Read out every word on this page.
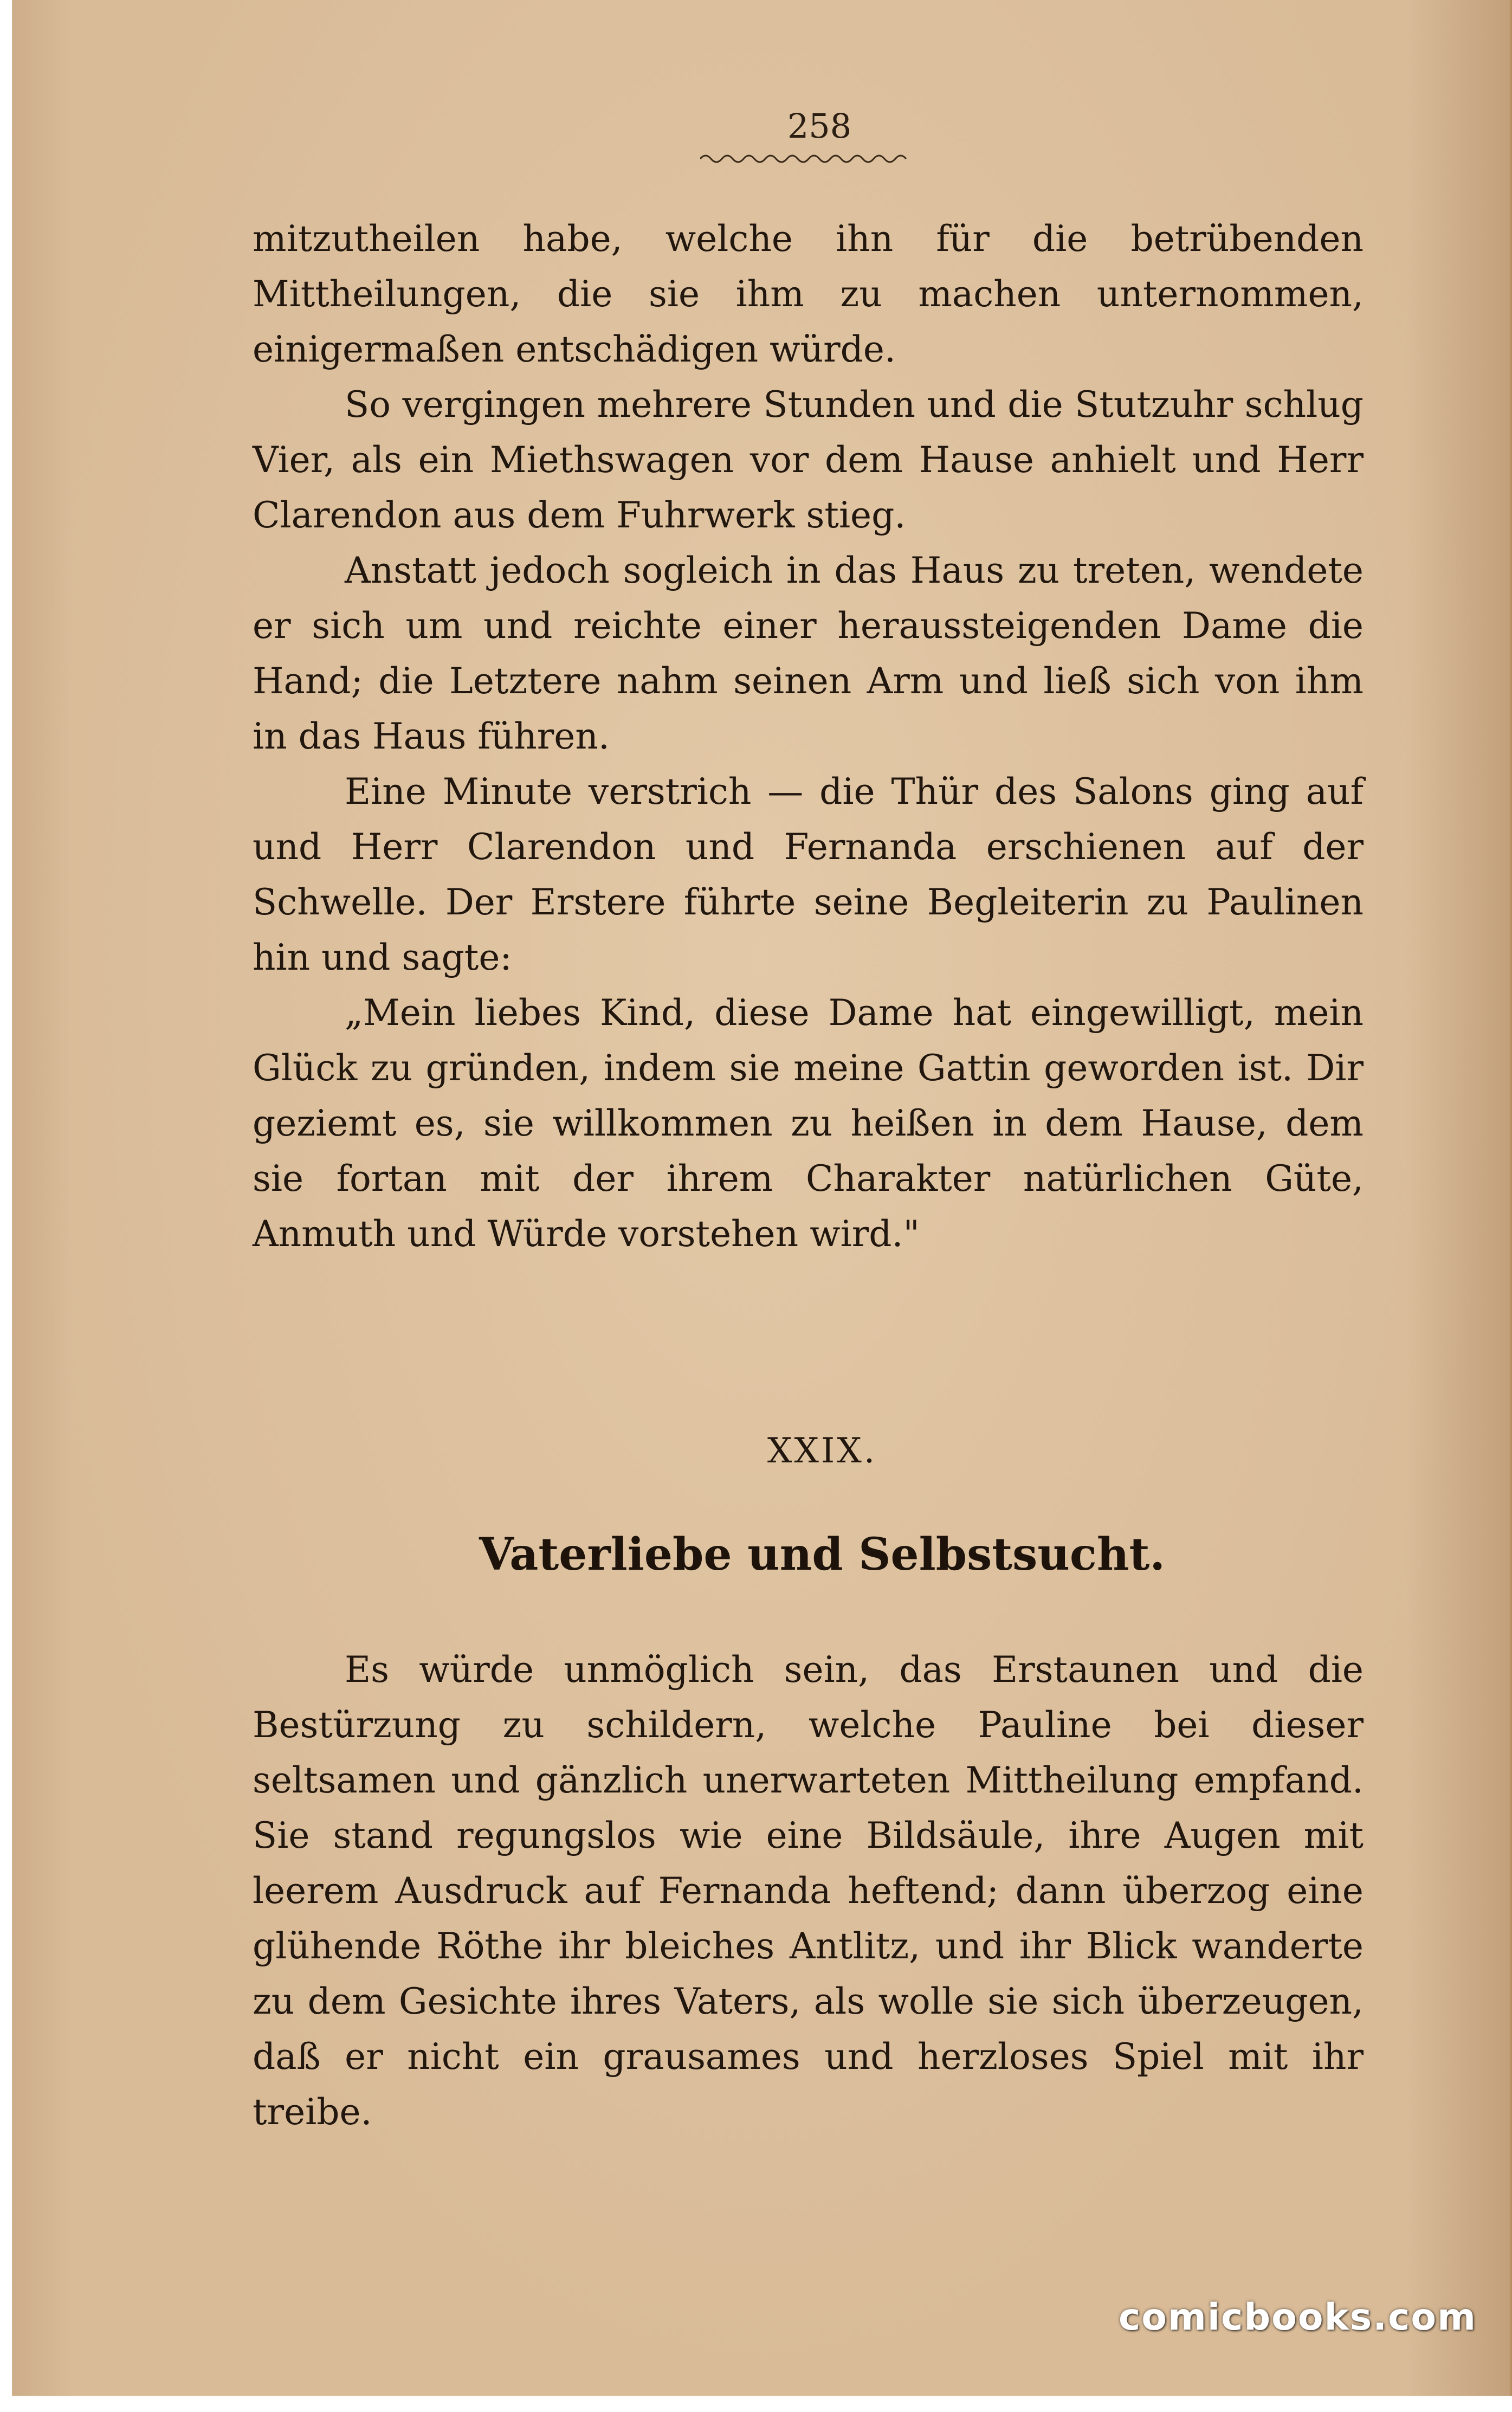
258

mitzutheilen habe, welche ihn für die betrübenden Mittheilungen, die sie ihm zu machen unternommen, einigermaßen entschädigen würde.

So vergingen mehrere Stunden und die Stutzuhr schlug Vier, als ein Miethswagen vor dem Hause anhielt und Herr Clarendon aus dem Fuhrwerk stieg.

Anstatt jedoch sogleich in das Haus zu treten, wendete er sich um und reichte einer heraussteigenden Dame die Hand; die Letztere nahm seinen Arm und ließ sich von ihm in das Haus führen.

Eine Minute verstrich — die Thür des Salons ging auf und Herr Clarendon und Fernanda erschienen auf der Schwelle. Der Erstere führte seine Begleiterin zu Paulinen hin und sagte:

„Mein liebes Kind, diese Dame hat eingewilligt, mein Glück zu gründen, indem sie meine Gattin geworden ist. Dir geziemt es, sie willkommen zu heißen in dem Hause, dem sie fortan mit der ihrem Charakter natürlichen Güte, Anmuth und Würde vorstehen wird."

XXIX.
Vaterliebe und Selbstsucht.

Es würde unmöglich sein, das Erstaunen und die Bestürzung zu schildern, welche Pauline bei dieser seltsamen und gänzlich unerwarteten Mittheilung empfand. Sie stand regungslos wie eine Bildsäule, ihre Augen mit leerem Ausdruck auf Fernanda heftend; dann überzog eine glühende Röthe ihr bleiches Antlitz, und ihr Blick wanderte zu dem Gesichte ihres Vaters, als wolle sie sich überzeugen, daß er nicht ein grausames und herzloses Spiel mit ihr treibe.

comicbooks.com
